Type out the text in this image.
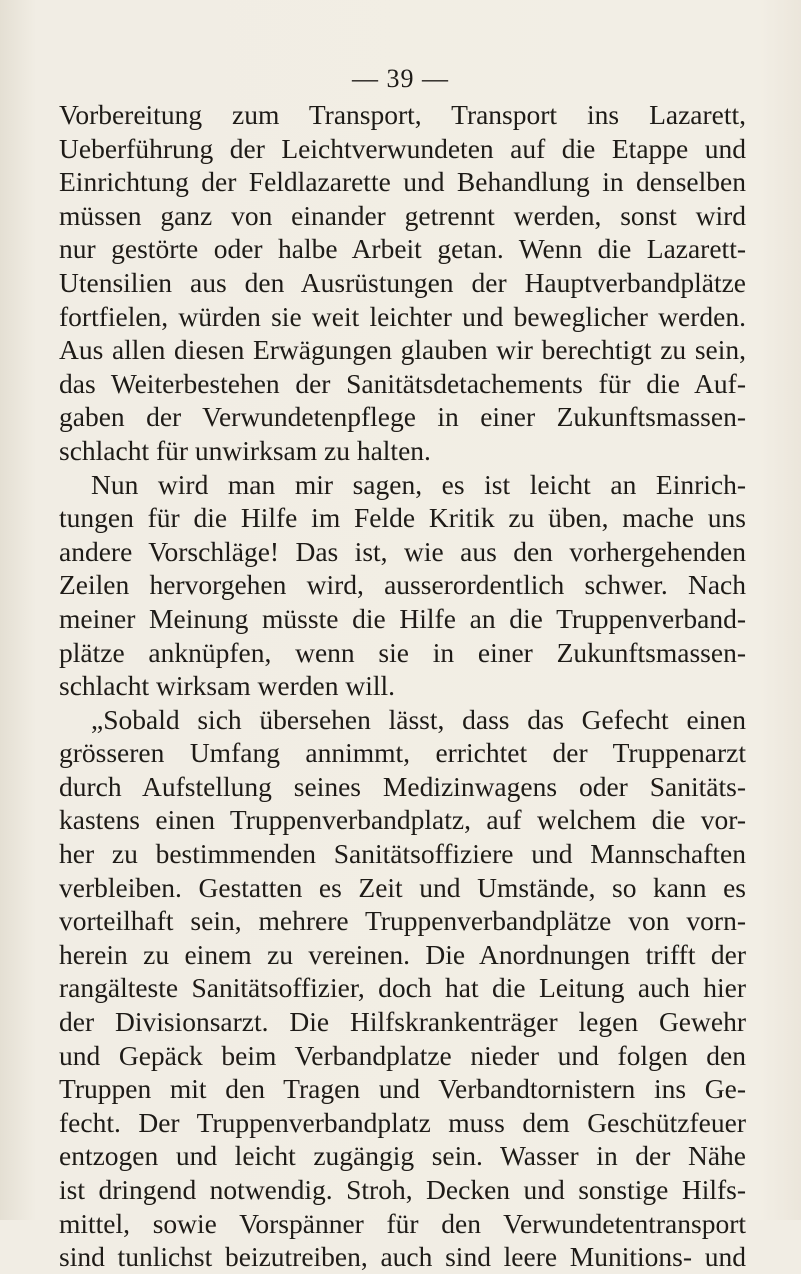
— 39 —
Vorbereitung zum Transport, Transport ins Lazarett,
Ueberführung der Leichtverwundeten auf die Etappe und
Einrichtung der Feldlazarette und Behandlung in denselben
müssen ganz von einander getrennt werden, sonst wird
nur gestörte oder halbe Arbeit getan. Wenn die Lazarett-
Utensilien aus den Ausrüstungen der Hauptverbandplätze
fortfielen, würden sie weit leichter und beweglicher werden.
Aus allen diesen Erwägungen glauben wir berechtigt zu sein,
das Weiterbestehen der Sanitätsdetachements für die Auf-
gaben der Verwundetenpflege in einer Zukunftsmassen-
schlacht für unwirksam zu halten.
Nun wird man mir sagen, es ist leicht an Einrich-
tungen für die Hilfe im Felde Kritik zu üben, mache uns
andere Vorschläge! Das ist, wie aus den vorhergehenden
Zeilen hervorgehen wird, ausserordentlich schwer. Nach
meiner Meinung müsste die Hilfe an die Truppenverband-
plätze anknüpfen, wenn sie in einer Zukunftsmassen-
schlacht wirksam werden will.
„Sobald sich übersehen lässt, dass das Gefecht einen
grösseren Umfang annimmt, errichtet der Truppenarzt
durch Aufstellung seines Medizinwagens oder Sanitäts-
kastens einen Truppenverbandplatz, auf welchem die vor-
her zu bestimmenden Sanitätsoffiziere und Mannschaften
verbleiben. Gestatten es Zeit und Umstände, so kann es
vorteilhaft sein, mehrere Truppenverbandplätze von vorn-
herein zu einem zu vereinen. Die Anordnungen trifft der
rangälteste Sanitätsoffizier, doch hat die Leitung auch hier
der Divisionsarzt. Die Hilfskrankenträger legen Gewehr
und Gepäck beim Verbandplatze nieder und folgen den
Truppen mit den Tragen und Verbandtornistern ins Ge-
fecht. Der Truppenverbandplatz muss dem Geschützfeuer
entzogen und leicht zugängig sein. Wasser in der Nähe
ist dringend notwendig. Stroh, Decken und sonstige Hilfs-
mittel, sowie Vorspänner für den Verwundetentransport
sind tunlichst beizutreiben, auch sind leere Munitions- und
